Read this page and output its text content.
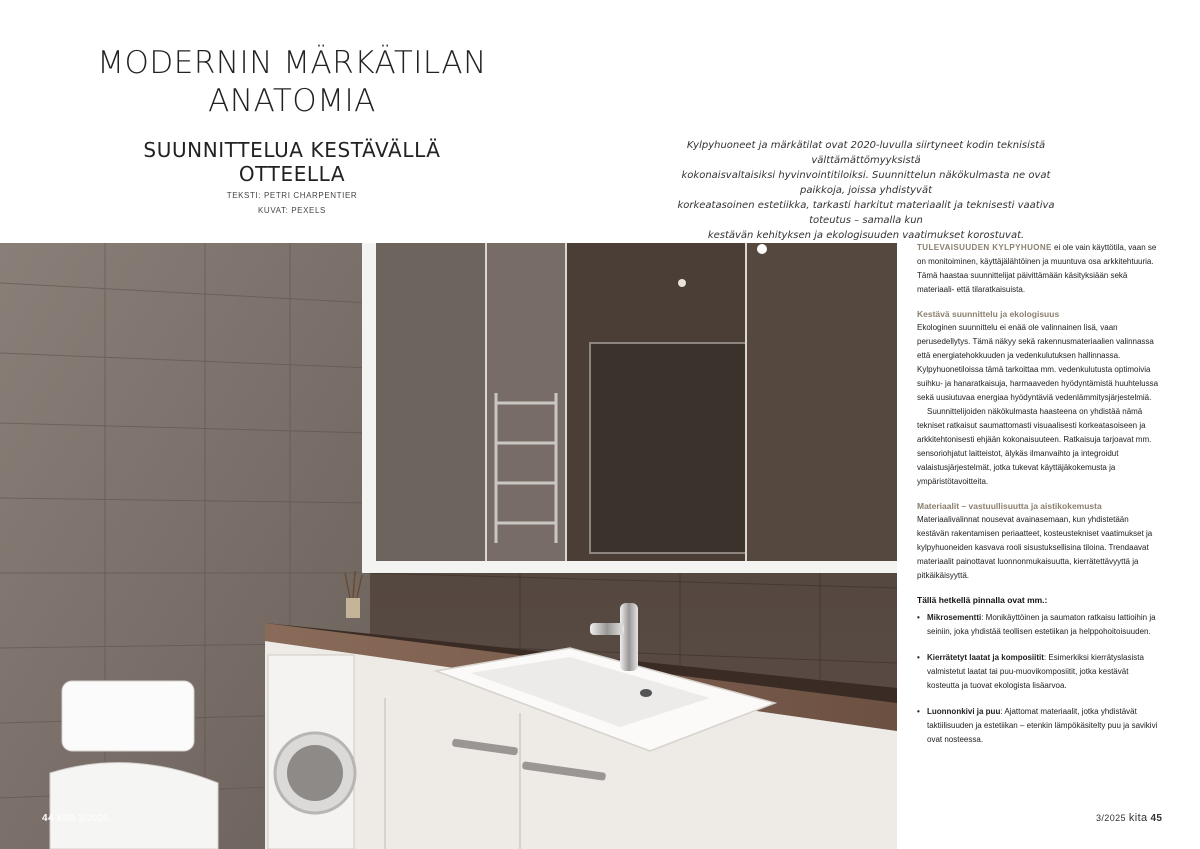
MODERNIN MÄRKÄTILAN
ANATOMIA
SUUNNITTELUA KESTÄVÄLLÄ OTTEELLA
TEKSTI: PETRI CHARPENTIER
KUVAT: PEXELS
Kylpyhuoneet ja märkätilat ovat 2020-luvulla siirtyneet kodin teknisistä välttämättömyyksistä
kokonaisvaltaisiksi hyvinvointitiloiksi. Suunnittelun näkökulmasta ne ovat paikkoja, joissa yhdistyvät
korkeatasoinen estetiikka, tarkasti harkitut materiaalit ja teknisesti vaativa toteutus – samalla kun
kestävän kehityksen ja ekologisuuden vaatimukset korostuvat.

TULEVAISUUDEN KYLPYHUONE ei ole vain käyttötila, vaan se on monitoiminen, käyttäjälähtöinen ja muuntuva osa arkkitehtuuria. Tämä haastaa suunnittelijat päivittämään käsityksiään sekä materiaali- että tilaratkaisuista.

Kestävä suunnittelu ja ekologisuus

Ekologinen suunnittelu ei enää ole valinnainen lisä, vaan perusedellytys. Tämä näkyy sekä rakennusmateriaalien valinnassa että energiatehokkuuden ja vedenkulutuksen hallinnassa. Kylpyhuonetiloissa tämä tarkoittaa mm. vedenkulutusta optimoivia suihku- ja hanaratkaisuja, harmaaveden hyödyntämistä huuhtelussa sekä uusiutuvaa energiaa hyödyntäviä vedenlämmitysjärjestelmiä.

Suunnittelijoiden näkökulmasta haasteena on yhdistää nämä tekniset ratkaisut saumattomasti visuaalisesti korkeatasoiseen ja arkkitehtonisesti ehjään kokonaisuuteen. Ratkaisuja tarjoavat mm. sensoriohjatut laitteistot, älykäs ilmanvaihto ja integroidut valaistusjärjestelmät, jotka tukevat käyttäjäkokemusta ja ympäristötavoitteita.

Materiaalit – vastuullisuutta ja aistikokemusta

Materiaalivalinnat nousevat avainasemaan, kun yhdistetään kestävän rakentamisen periaatteet, kosteustekniset vaatimukset ja kylpyhuoneiden kasvava rooli sisustuksellisina tiloina. Trendaavat materiaalit painottavat luonnonmukaisuutta, kierrätettävyyttä ja pitkäikäisyyttä.

Tällä hetkellä pinnalla ovat mm.:
• Mikrosementti: Monikäyttöinen ja saumaton ratkaisu lattioihin ja seiniin, joka yhdistää teollisen estetiikan ja helppohoitoisuuden.
• Kierrätetyt laatat ja komposiitit: Esimerkiksi kierrätyslasista valmistetut laatat tai puu-muovikomposiitit, jotka kestävät kosteutta ja tuovat ekologista lisäarvoa.
• Luonnonkivi ja puu: Ajattomat materiaalit, jotka yhdistävät taktiilisuuden ja estetiikan – etenkin lämpökäsitelty puu ja savikivi ovat nosteessa.
44 kita 3/2025	3/2025 kita 45
